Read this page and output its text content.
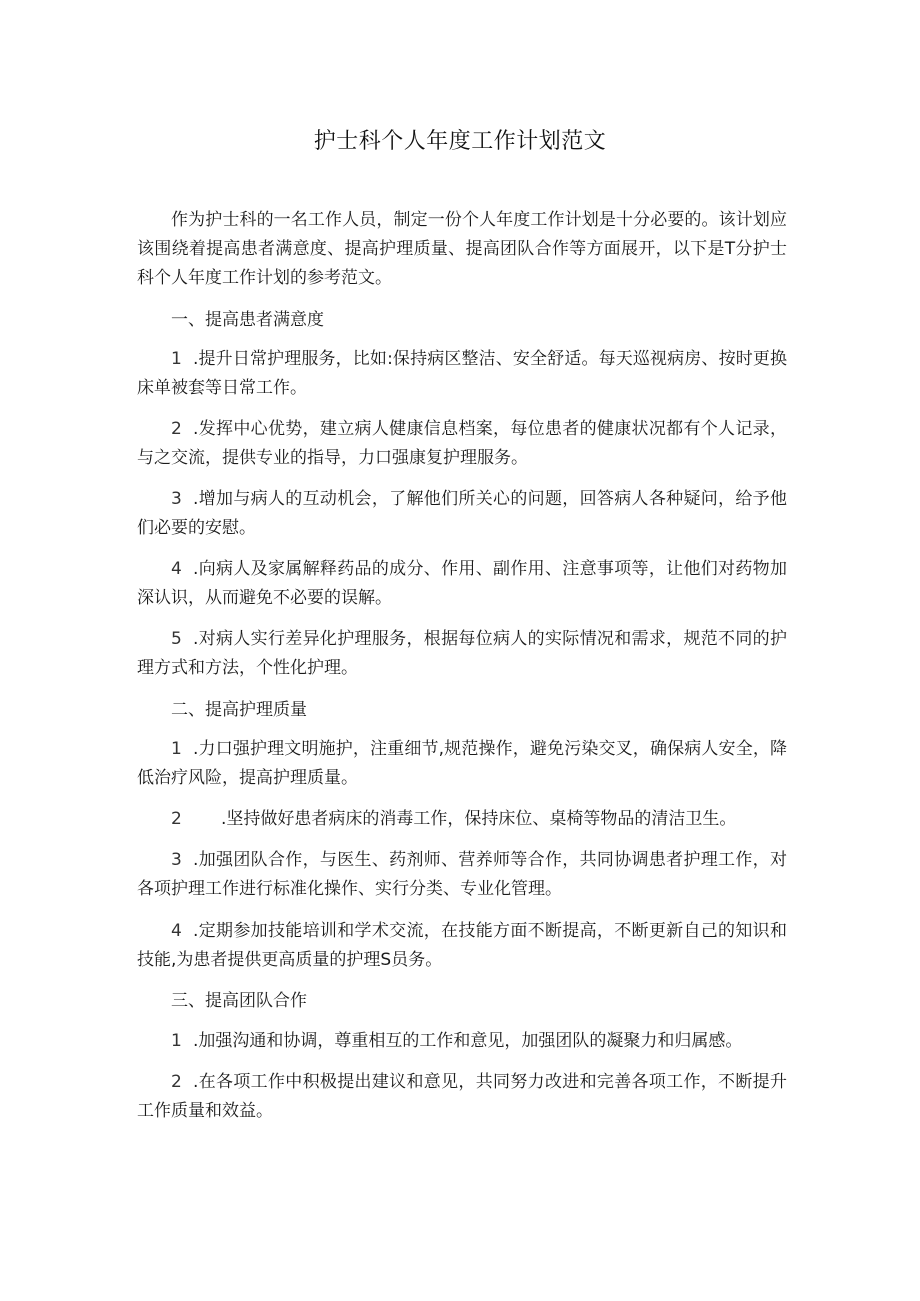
护士科个人年度工作计划范文

作为护士科的一名工作人员，制定一份个人年度工作计划是十分必要的。该计划应该围绕着提高患者满意度、提高护理质量、提高团队合作等方面展开，以下是T分护士科个人年度工作计划的参考范文。

一、提高患者满意度

1 .提升日常护理服务，比如:保持病区整洁、安全舒适。每天巡视病房、按时更换床单被套等日常工作。

2 .发挥中心优势，建立病人健康信息档案，每位患者的健康状况都有个人记录，与之交流，提供专业的指导，力口强康复护理服务。

3 .增加与病人的互动机会，了解他们所关心的问题，回答病人各种疑问，给予他们必要的安慰。

4 .向病人及家属解释药品的成分、作用、副作用、注意事项等，让他们对药物加深认识，从而避免不必要的误解。

5 .对病人实行差异化护理服务，根据每位病人的实际情况和需求，规范不同的护理方式和方法，个性化护理。

二、提高护理质量

1 .力口强护理文明施护，注重细节,规范操作，避免污染交叉，确保病人安全，降低治疗风险，提高护理质量。

2 .坚持做好患者病床的消毒工作，保持床位、桌椅等物品的清洁卫生。

3 .加强团队合作，与医生、药剂师、营养师等合作，共同协调患者护理工作，对各项护理工作进行标准化操作、实行分类、专业化管理。

4 .定期参加技能培训和学术交流，在技能方面不断提高，不断更新自己的知识和技能,为患者提供更高质量的护理S员务。

三、提高团队合作

1 .加强沟通和协调，尊重相互的工作和意见，加强团队的凝聚力和归属感。

2 .在各项工作中积极提出建议和意见，共同努力改进和完善各项工作，不断提升工作质量和效益。
